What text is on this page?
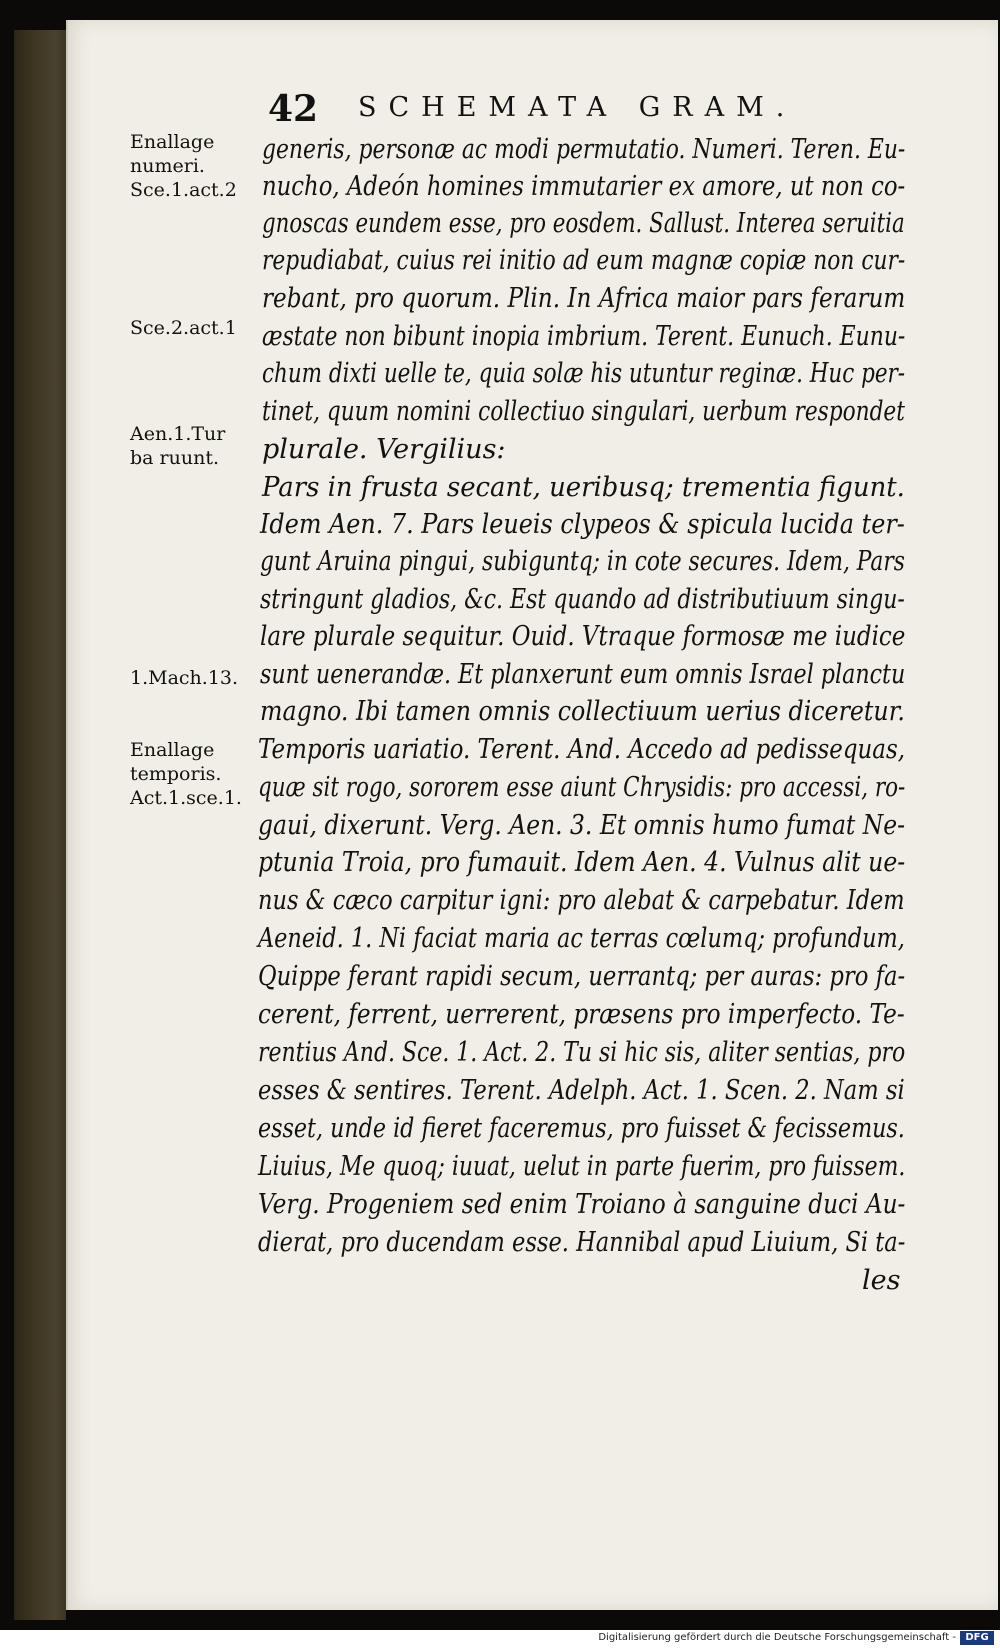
42 SCHEMATA GRAM.
Enallage
numeri.
Sce.1.act.2
Sce.2.act.1
Aen.1.Tur
ba ruunt.
1.Mach.13.
Enallage
temporis.
Act.1.sce.1.
generis, personæ ac modi permutatio. Numeri. Teren. Eu-
nucho, Adeón homines immutarier ex amore, ut non co-
gnoscas eundem esse, pro eosdem. Sallust. Interea seruitia
repudiabat, cuius rei initio ad eum magnæ copiæ non cur-
rebant, pro quorum. Plin. In Africa maior pars ferarum
æstate non bibunt inopia imbrium. Terent. Eunuch. Eunu-
chum dixti uelle te, quia solæ his utuntur reginæ. Huc per-
tinet, quum nomini collectiuo singulari, uerbum respondet
plurale. Vergilius:
Pars in frusta secant, ueribusq; trementia figunt.
Idem Aen. 7. Pars leueis clypeos & spicula lucida ter-
gunt Aruina pingui, subiguntq; in cote secures. Idem, Pars
stringunt gladios, &c. Est quando ad distributiuum singu-
lare plurale sequitur. Ouid. Vtraque formosæ me iudice
sunt uenerandæ. Et planxerunt eum omnis Israel planctu
magno. Ibi tamen omnis collectiuum uerius diceretur.
Temporis uariatio. Terent. And. Accedo ad pedissequas,
quæ sit rogo, sororem esse aiunt Chrysidis: pro accessi, ro-
gaui, dixerunt. Verg. Aen. 3. Et omnis humo fumat Ne-
ptunia Troia, pro fumauit. Idem Aen. 4. Vulnus alit ue-
nus & cæco carpitur igni: pro alebat & carpebatur. Idem
Aeneid. 1. Ni faciat maria ac terras cœlumq; profundum,
Quippe ferant rapidi secum, uerrantq; per auras: pro fa-
cerent, ferrent, uerrerent, præsens pro imperfecto. Te-
rentius And. Sce. 1. Act. 2. Tu si hic sis, aliter sentias, pro
esses & sentires. Terent. Adelph. Act. 1. Scen. 2. Nam si
esset, unde id fieret faceremus, pro fuisset & fecissemus.
Liuius, Me quoq; iuuat, uelut in parte fuerim, pro fuissem.
Verg. Progeniem sed enim Troiano à sanguine duci Au-
dierat, pro ducendam esse. Hannibal apud Liuium, Si ta-
les
Digitalisierung gefördert durch die Deutsche Forschungsgemeinschaft - DFG
